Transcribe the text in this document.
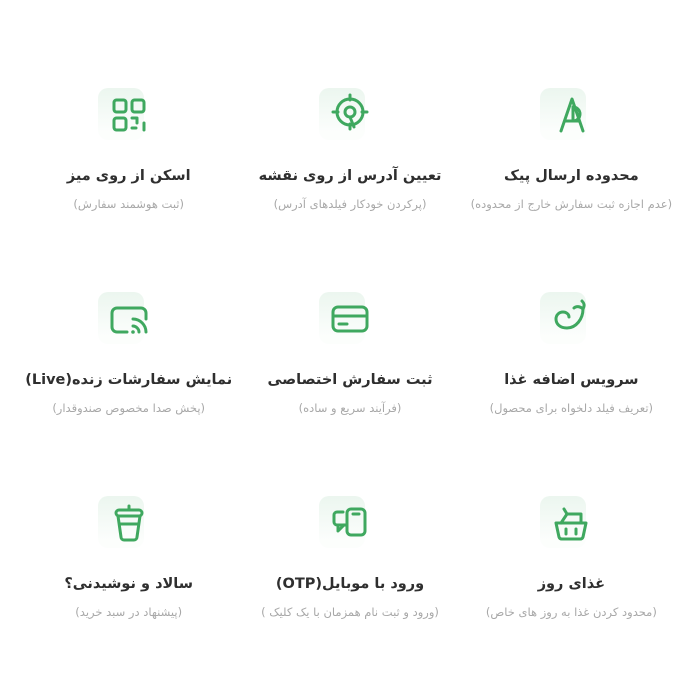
محدوده ارسال پیک

(عدم اجازه ثبت سفارش خارج از محدوده)

تعیین آدرس از روی نقشه

(پرکردن خودکار فیلدهای آدرس)

اسکن از روی میز

(ثبت هوشمند سفارش)

سرویس اضافه غذا

(تعریف فیلد دلخواه برای محصول)

ثبت سفارش اختصاصی

(فرآیند سریع و ساده)

نمایش سفارشات زنده(Live)

(پخش صدا مخصوص صندوقدار)

غذای روز

(محدود کردن غذا به روز های خاص)

ورود با موبایل(OTP)

(ورود و ثبت نام همزمان با یک کلیک )

سالاد و نوشیدنی؟

(پیشنهاد در سبد خرید)
